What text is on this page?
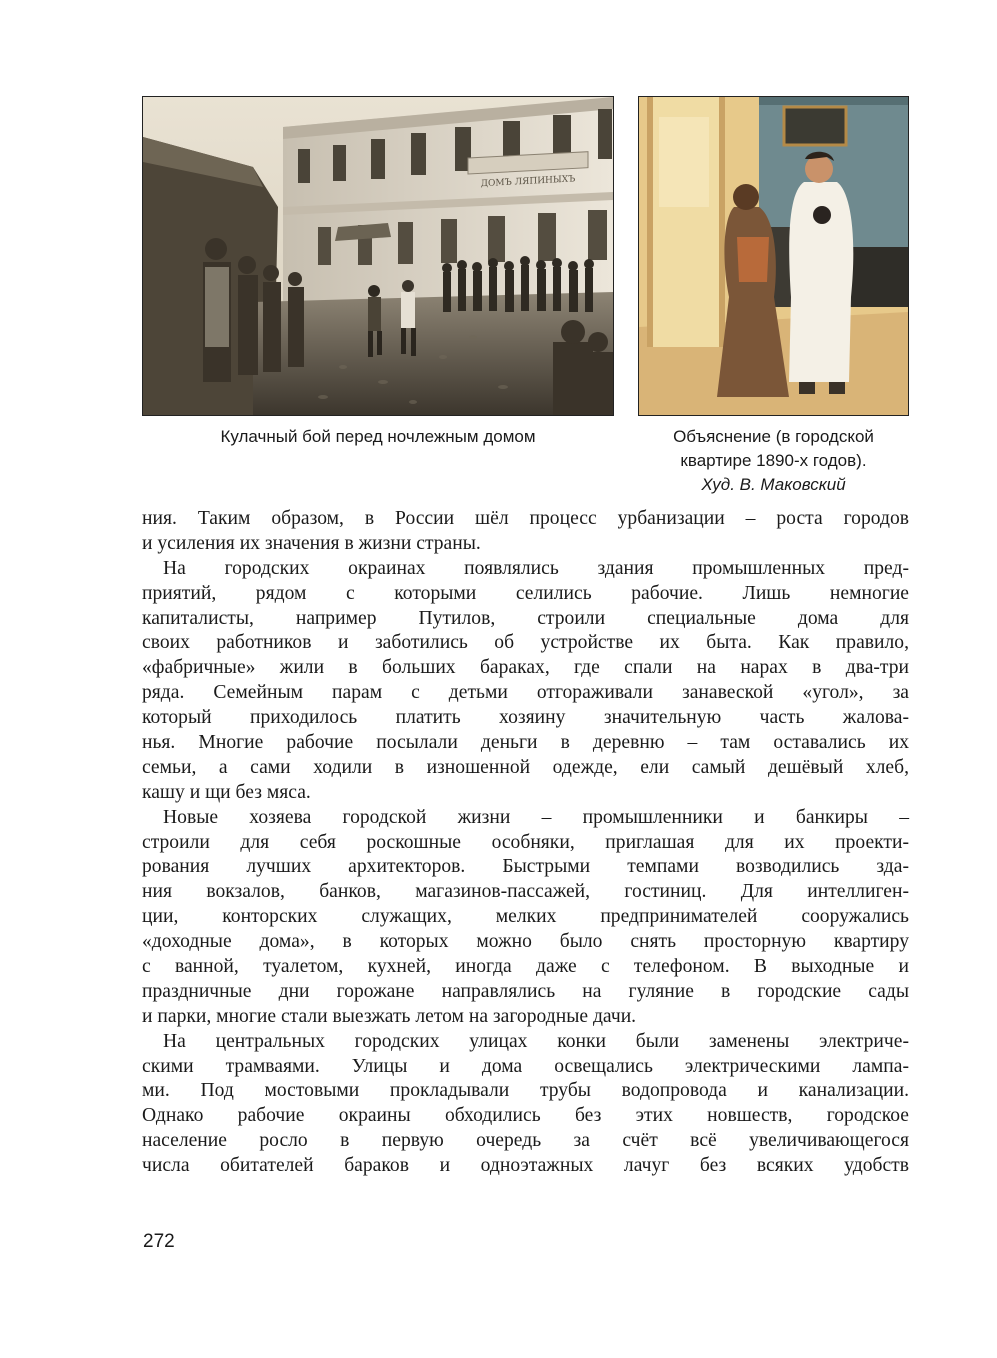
ДОМЪ ЛЯПИНЫХЪ
Кулачный бой перед ночлежным домом	Объяснение (в городской
квартире 1890-х годов).
Худ. В. Маковский
ния. Таким образом, в России шёл процесс урбанизации – роста городов
и усиления их значения в жизни страны.
На городских окраинах появлялись здания промышленных пред-
приятий, рядом с которыми селились рабочие. Лишь немногие
капиталисты, например Путилов, строили специальные дома для
своих работников и заботились об устройстве их быта. Как правило,
«фабричные» жили в больших бараках, где спали на нарах в два-три
ряда. Семейным парам с детьми отгораживали занавеской «угол», за
который приходилось платить хозяину значительную часть жалова-
нья. Многие рабочие посылали деньги в деревню – там оставались их
семьи, а сами ходили в изношенной одежде, ели самый дешёвый хлеб,
кашу и щи без мяса.
Новые хозяева городской жизни – промышленники и банкиры –
строили для себя роскошные особняки, приглашая для их проекти-
рования лучших архитекторов. Быстрыми темпами возводились зда-
ния вокзалов, банков, магазинов-пассажей, гостиниц. Для интеллиген-
ции, конторских служащих, мелких предпринимателей сооружались
«доходные дома», в которых можно было снять просторную квартиру
с ванной, туалетом, кухней, иногда даже с телефоном. В выходные и
праздничные дни горожане направлялись на гуляние в городские сады
и парки, многие стали выезжать летом на загородные дачи.
На центральных городских улицах конки были заменены электриче-
скими трамваями. Улицы и дома освещались электрическими лампа-
ми. Под мостовыми прокладывали трубы водопровода и канализации.
Однако рабочие окраины обходились без этих новшеств, городское
население росло в первую очередь за счёт всё увеличивающегося
числа обитателей бараков и одноэтажных лачуг без всяких удобств
272
